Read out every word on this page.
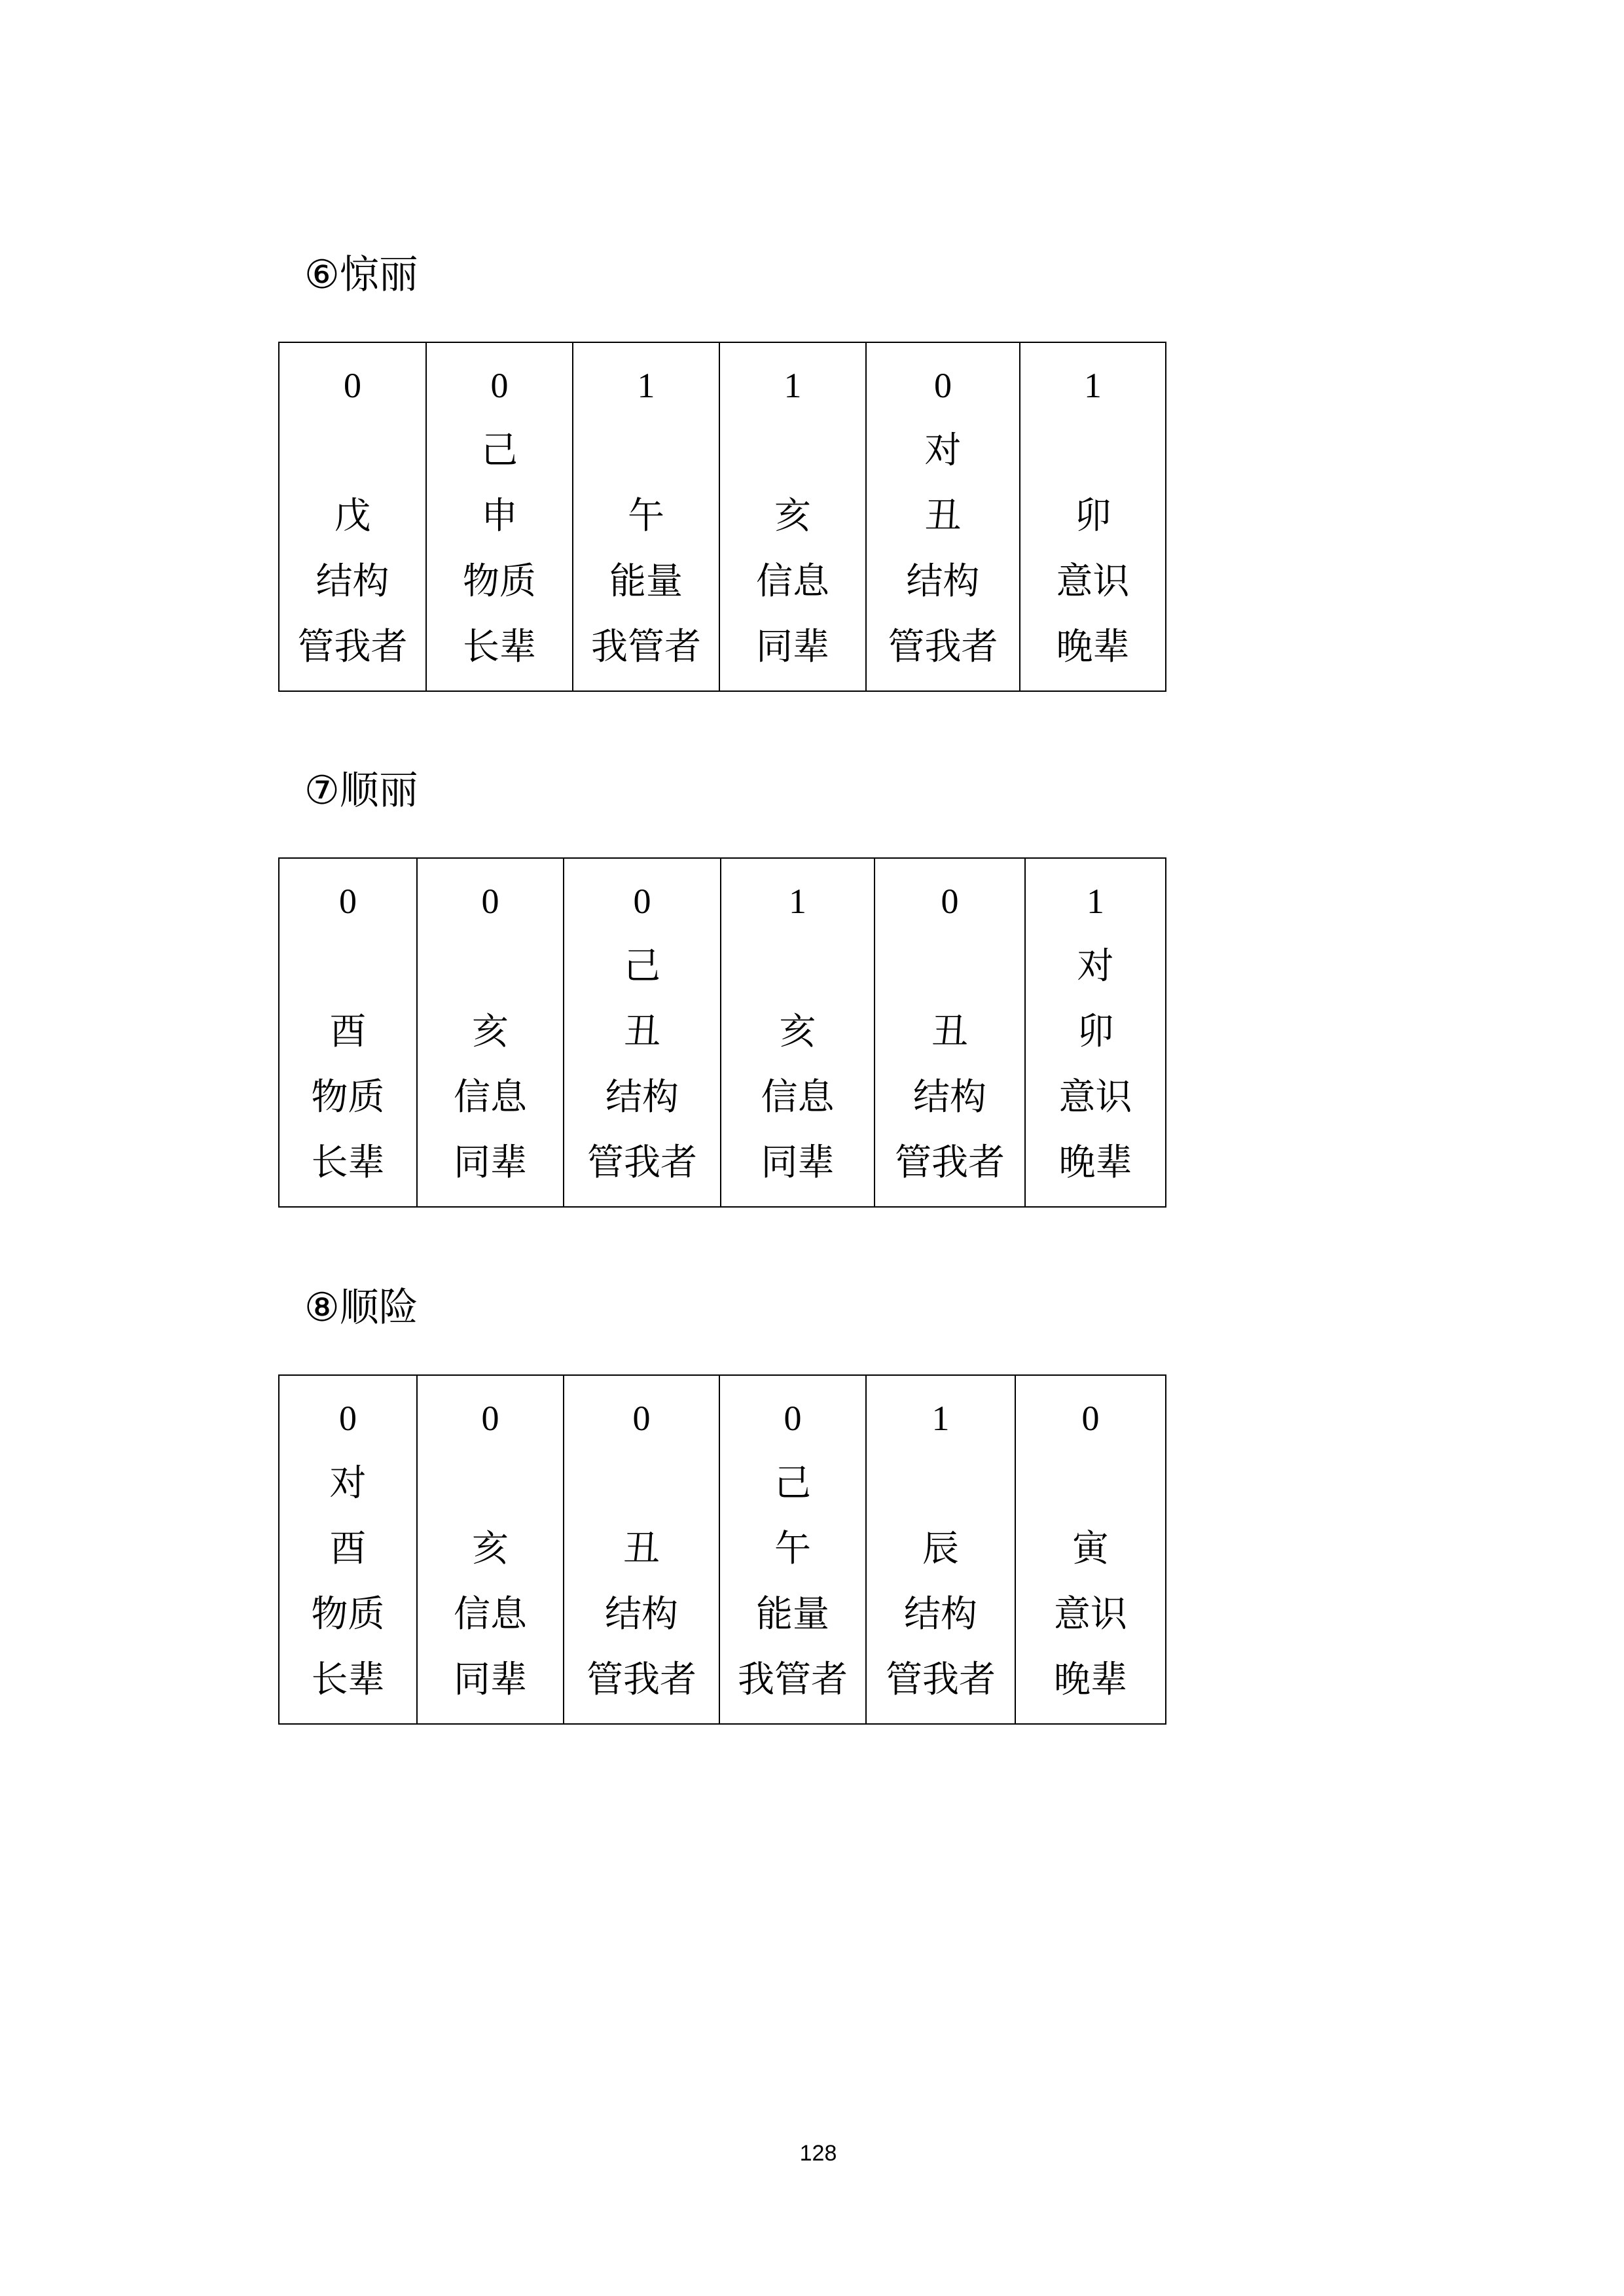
⑥惊丽
0
戊
结构
管我者

0
己
申
物质
长辈

1
午
能量
我管者

1
亥
信息
同辈

0
对
丑
结构
管我者

1
卯
意识
晚辈
⑦顺丽
0
酉
物质
长辈

0
亥
信息
同辈

0
己
丑
结构
管我者

1
亥
信息
同辈

0
丑
结构
管我者

1
对
卯
意识
晚辈
⑧顺险
0
对
酉
物质
长辈

0
亥
信息
同辈

0
丑
结构
管我者

0
己
午
能量
我管者

1
辰
结构
管我者

0
寅
意识
晚辈
128
